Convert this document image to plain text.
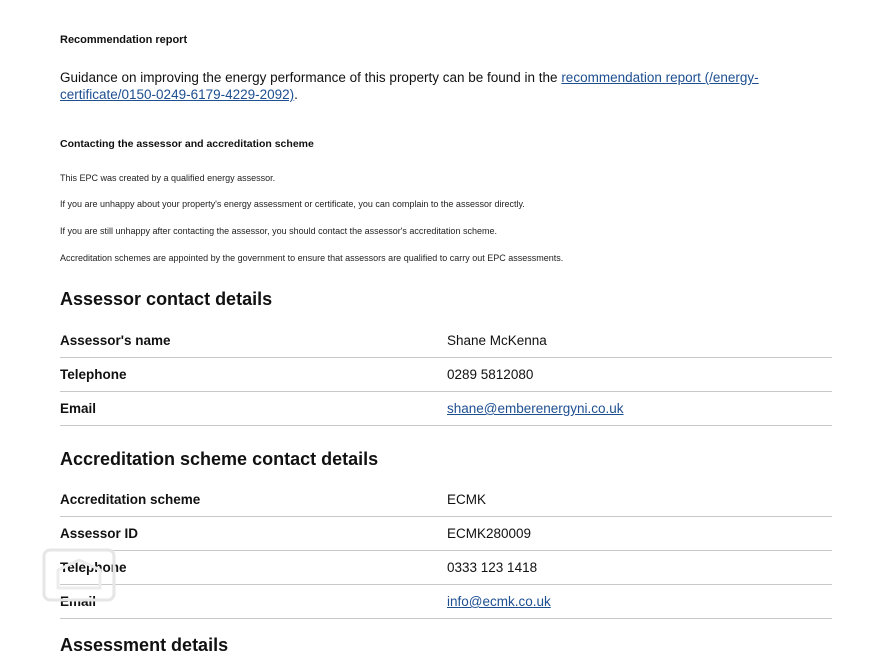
Recommendation report

Guidance on improving the energy performance of this property can be found in the recommendation report (/energy-certificate/0150-0249-6179-4229-2092).

Contacting the assessor and accreditation scheme

This EPC was created by a qualified energy assessor.

If you are unhappy about your property's energy assessment or certificate, you can complain to the assessor directly.

If you are still unhappy after contacting the assessor, you should contact the assessor's accreditation scheme.

Accreditation schemes are appointed by the government to ensure that assessors are qualified to carry out EPC assessments.

Assessor contact details
Assessor's name	Shane McKenna
Telephone	0289 5812080
Email	shane@emberenergyni.co.uk
Accreditation scheme contact details
Accreditation scheme	ECMK
Assessor ID	ECMK280009
Telephone	0333 123 1418
Email	info@ecmk.co.uk
Assessment details
